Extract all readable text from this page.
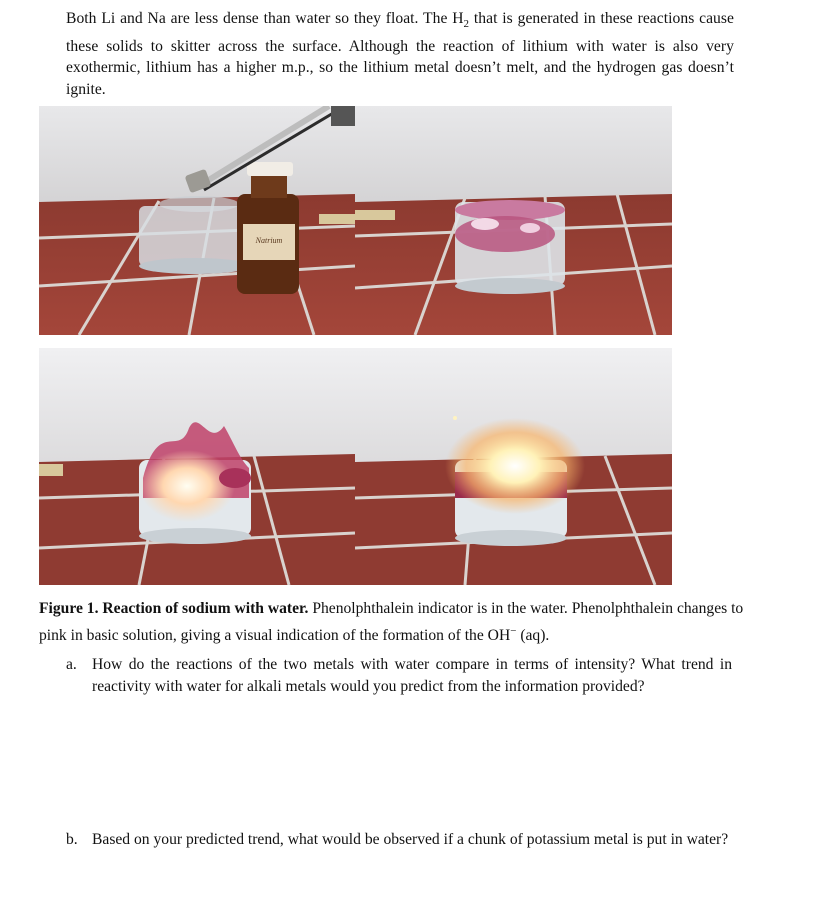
Both Li and Na are less dense than water so they float. The $H_2$ that is generated in these reactions cause these solids to skitter across the surface. Although the reaction of lithium with water is also very exothermic, lithium has a higher m.p., so the lithium metal doesn’t melt, and the hydrogen gas doesn’t ignite.
Natrium
Figure 1. Reaction of sodium with water. Phenolphthalein indicator is in the water. Phenolphthalein changes to pink in basic solution, giving a visual indication of the formation of the OH− (aq).
a. How do the reactions of the two metals with water compare in terms of intensity? What trend in reactivity with water for alkali metals would you predict from the information provided?
b. Based on your predicted trend, what would be observed if a chunk of potassium metal is put in water?
